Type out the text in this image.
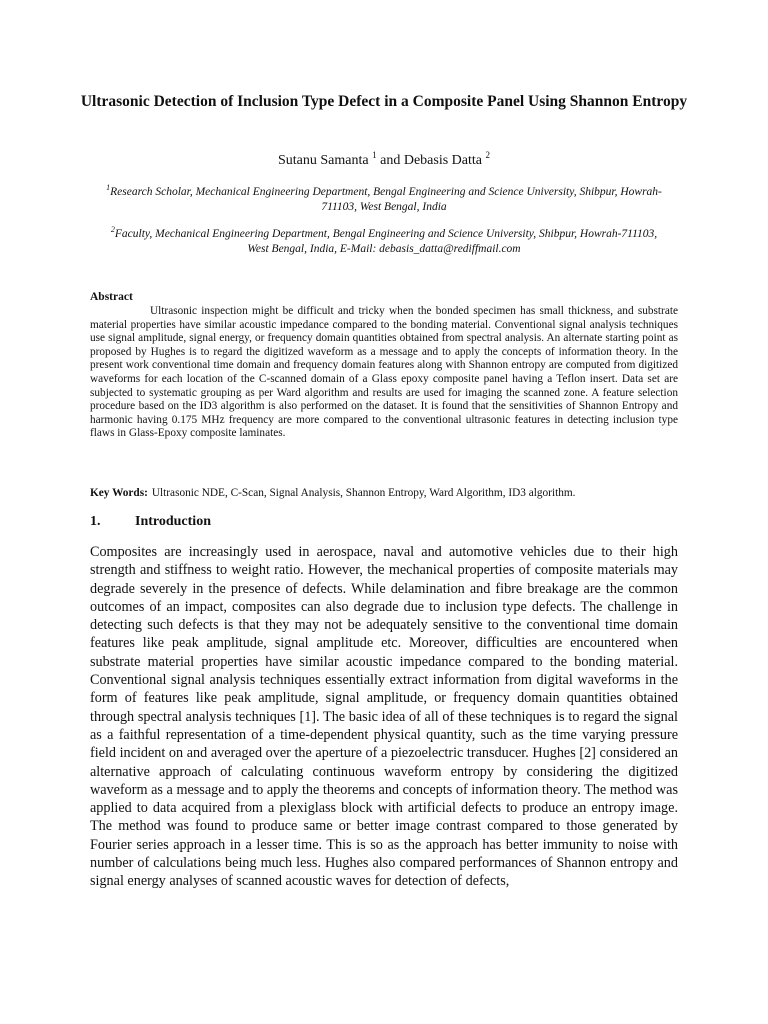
Ultrasonic Detection of Inclusion Type Defect in a Composite Panel Using Shannon Entropy
Sutanu Samanta $^1$ and Debasis Datta $^2$
$^1$Research Scholar, Mechanical Engineering Department, Bengal Engineering and Science University, Shibpur, Howrah-711103, West Bengal, India
$^2$Faculty, Mechanical Engineering Department, Bengal Engineering and Science University, Shibpur, Howrah-711103, West Bengal, India, E-Mail: debasis_datta@rediffmail.com
Abstract

Ultrasonic inspection might be difficult and tricky when the bonded specimen has small thickness, and substrate material properties have similar acoustic impedance compared to the bonding material. Conventional signal analysis techniques use signal amplitude, signal energy, or frequency domain quantities obtained from spectral analysis. An alternate starting point as proposed by Hughes is to regard the digitized waveform as a message and to apply the concepts of information theory. In the present work conventional time domain and frequency domain features along with Shannon entropy are computed from digitized waveforms for each location of the C-scanned domain of a Glass epoxy composite panel having a Teflon insert. Data set are subjected to systematic grouping as per Ward algorithm and results are used for imaging the scanned zone. A feature selection procedure based on the ID3 algorithm is also performed on the dataset. It is found that the sensitivities of Shannon Entropy and harmonic having 0.175 MHz frequency are more compared to the conventional ultrasonic features in detecting inclusion type flaws in Glass-Epoxy composite laminates.

Key Words: Ultrasonic NDE, C-Scan, Signal Analysis, Shannon Entropy, Ward Algorithm, ID3 algorithm.
1. Introduction

Composites are increasingly used in aerospace, naval and automotive vehicles due to their high strength and stiffness to weight ratio. However, the mechanical properties of composite materials may degrade severely in the presence of defects. While delamination and fibre breakage are the common outcomes of an impact, composites can also degrade due to inclusion type defects. The challenge in detecting such defects is that they may not be adequately sensitive to the conventional time domain features like peak amplitude, signal amplitude etc. Moreover, difficulties are encountered when substrate material properties have similar acoustic impedance compared to the bonding material. Conventional signal analysis techniques essentially extract information from digital waveforms in the form of features like peak amplitude, signal amplitude, or frequency domain quantities obtained through spectral analysis techniques [1]. The basic idea of all of these techniques is to regard the signal as a faithful representation of a time-dependent physical quantity, such as the time varying pressure field incident on and averaged over the aperture of a piezoelectric transducer. Hughes [2] considered an alternative approach of calculating continuous waveform entropy by considering the digitized waveform as a message and to apply the theorems and concepts of information theory. The method was applied to data acquired from a plexiglass block with artificial defects to produce an entropy image. The method was found to produce same or better image contrast compared to those generated by Fourier series approach in a lesser time. This is so as the approach has better immunity to noise with number of calculations being much less. Hughes also compared performances of Shannon entropy and signal energy analyses of scanned acoustic waves for detection of defects,
